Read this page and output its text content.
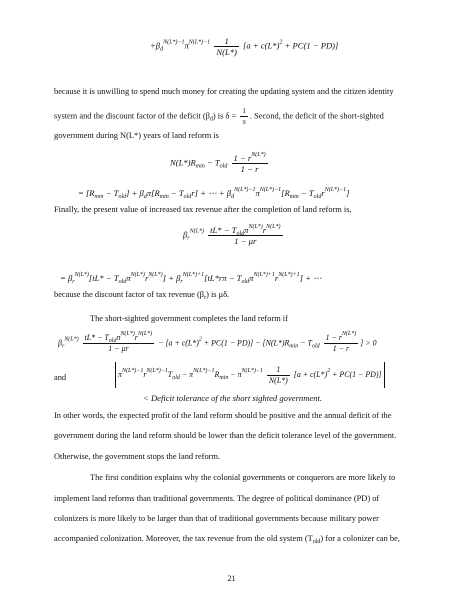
$+\beta_d^{N(L*)-1}\pi^{N(L*)-1} \frac{1}{N(L*)} [a + c(L*)^2 + PC(1 - PD)]$
because it is unwilling to spend much money for creating the updating system and the citizen identity
system and the discount factor of the deficit $(\beta_d)$ is $\delta = \frac{1}{\pi}$ . Second, the deficit of the short-sighted
government during N(L*) years of land reform is
$N(L*)R_{min} - T_{old} \frac{1 - r^{N(L*)}}{1 - r}$
= $[R_{min} - T_{old}] + \beta_d\pi[R_{min} - T_{old}r]$ + ⋯ + $\beta_d^{N(L*)-1}\pi^{N(L*)-1}[R_{min} - T_{old}r^{N(L*)-1}]$
Finally, the present value of increased tax revenue after the completion of land reform is,
$\beta_r^{N(L*)} \frac{tL* - T_{old}\pi^{N(L*)}r^{N(L*)}}{1 - \mu r}$
= $\beta_r^{N(L*)}[tL* - T_{old}\pi^{N(L*)}r^{N(L*)}] + \beta_r^{N(L*)+1}[tL*r\pi - T_{old}\pi^{N(L*)+1}r^{N(L*)+1}]$ + ⋯
because the discount factor of tax revenue $(\beta_r)$ is μδ.
The short-sighted government completes the land reform if
$\beta_r^{N(L*)} \frac{tL* - T_{old}\pi^{N(L*)}r^{N(L*)}}{1 - \mu r} - [a + c(L*)^2 + PC(1 - PD)] - [N(L*)R_{min} - T_{old} \frac{1 - r^{N(L*)}}{1 - r}$ ] > 0
and	$\pi^{N(L*)-1}r^{N(L*)-1}T_{old} - \pi^{N(L*)-1}R_{min} - \pi^{N(L*)-1} \frac{1}{N(L*)} [a + c(L*)^2 + PC(1 - PD)]$
< Deficit tolerance of the short sighted government.
In other words, the expected profit of the land reform should be positive and the annual deficit of the
government during the land reform should be lower than the deficit tolerance level of the government.
Otherwise, the government stops the land reform.
The first condition explains why the colonial governments or conquerors are more likely to
implement land reforms than traditional governments. The degree of political dominance (PD) of
colonizers is more likely to be larger than that of traditional governments because military power
accompanied colonization. Moreover, the tax revenue from the old system $(T_{old})$ for a colonizer can be,
21
